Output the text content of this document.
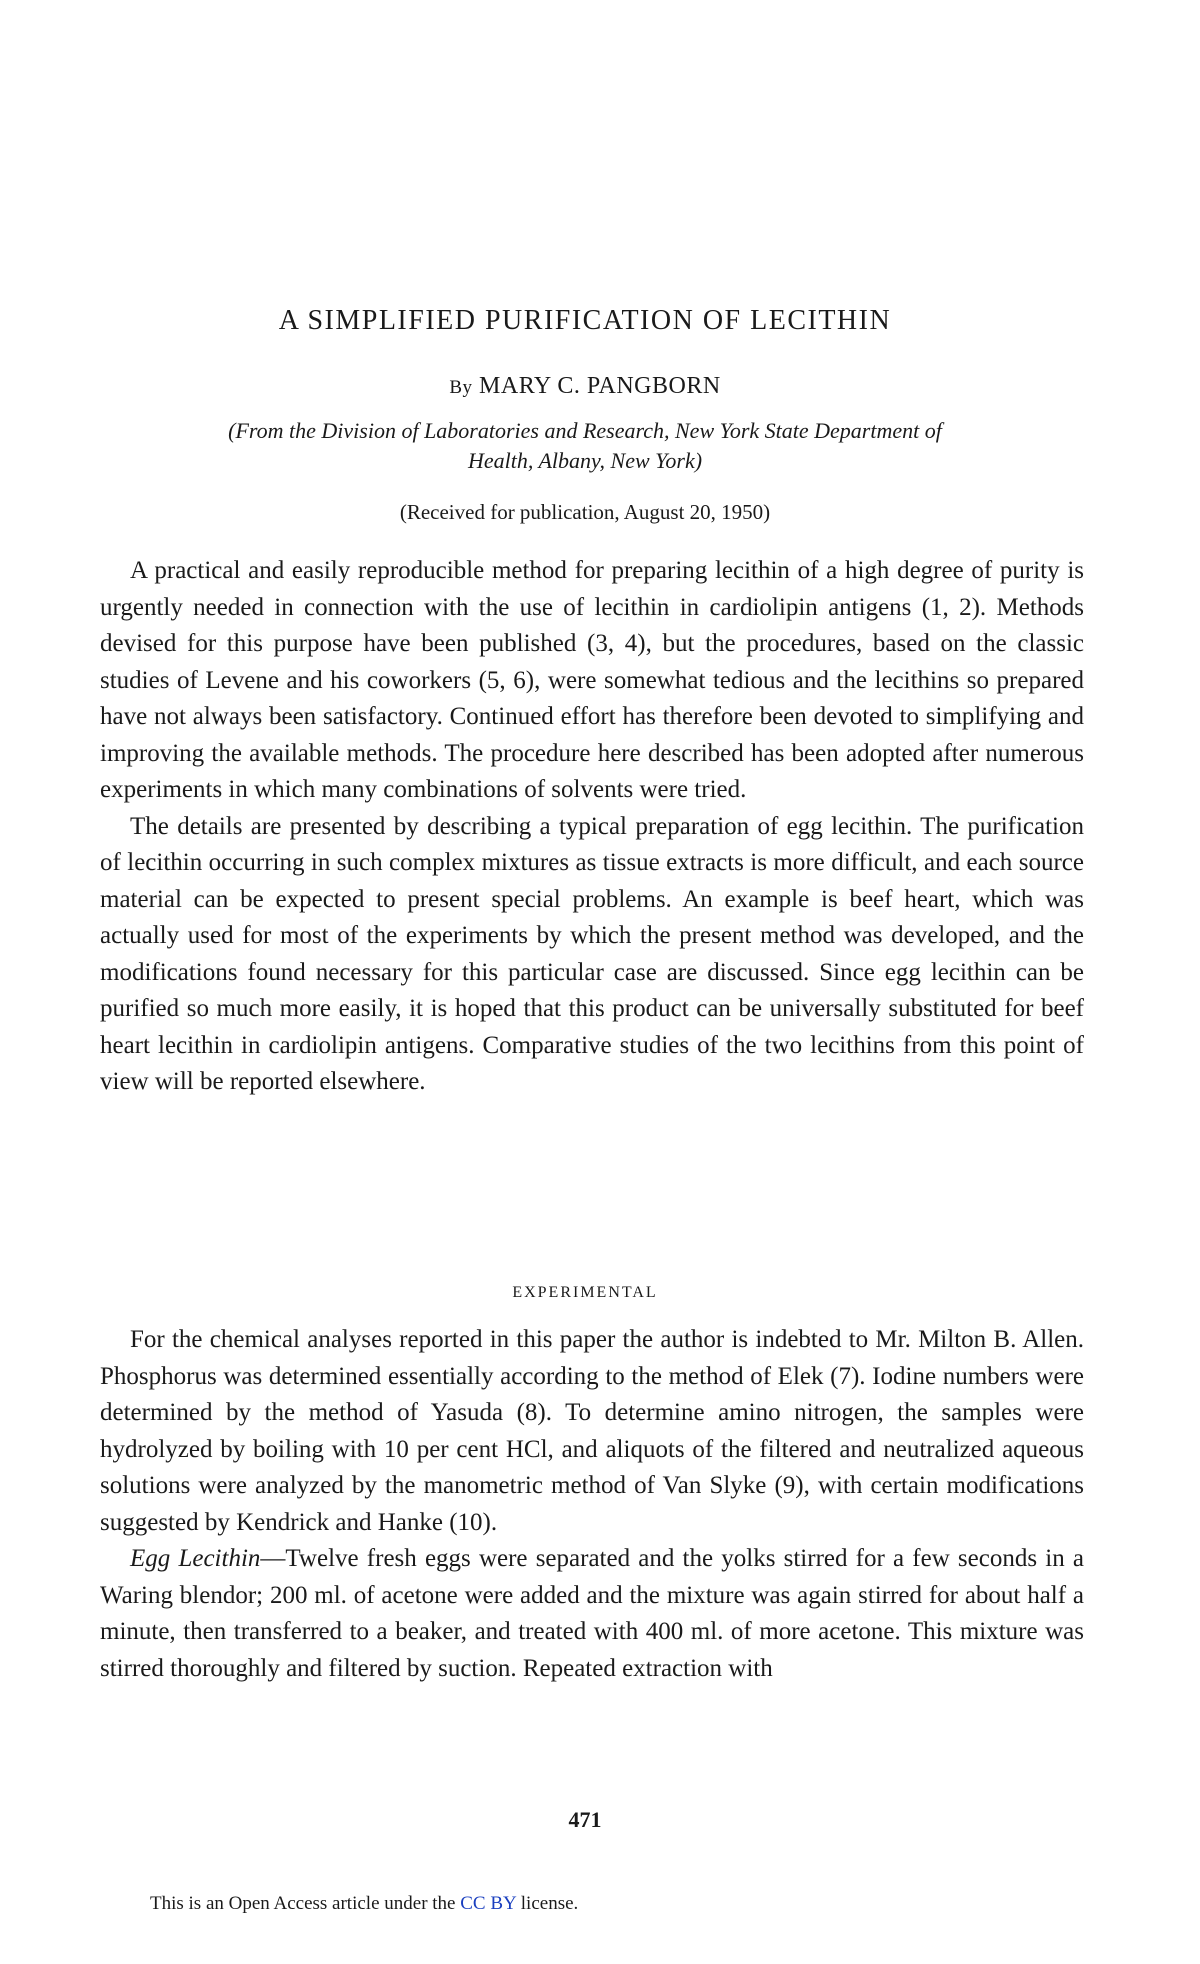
A SIMPLIFIED PURIFICATION OF LECITHIN
By MARY C. PANGBORN
(From the Division of Laboratories and Research, New York State Department of
Health, Albany, New York)
(Received for publication, August 20, 1950)

A practical and easily reproducible method for preparing lecithin of a high degree of purity is urgently needed in connection with the use of lecithin in cardiolipin antigens (1, 2). Methods devised for this purpose have been published (3, 4), but the procedures, based on the classic studies of Levene and his coworkers (5, 6), were somewhat tedious and the lecithins so prepared have not always been satisfactory. Continued effort has therefore been devoted to simplifying and improving the available methods. The procedure here described has been adopted after numerous experiments in which many combinations of solvents were tried.

The details are presented by describing a typical preparation of egg lecithin. The purification of lecithin occurring in such complex mixtures as tissue extracts is more difficult, and each source material can be expected to present special problems. An example is beef heart, which was actually used for most of the experiments by which the present method was developed, and the modifications found necessary for this particular case are discussed. Since egg lecithin can be purified so much more easily, it is hoped that this product can be universally substituted for beef heart lecithin in cardiolipin antigens. Comparative studies of the two lecithins from this point of view will be reported elsewhere.

EXPERIMENTAL

For the chemical analyses reported in this paper the author is indebted to Mr. Milton B. Allen. Phosphorus was determined essentially according to the method of Elek (7). Iodine numbers were determined by the method of Yasuda (8). To determine amino nitrogen, the samples were hydrolyzed by boiling with 10 per cent HCl, and aliquots of the filtered and neutralized aqueous solutions were analyzed by the manometric method of Van Slyke (9), with certain modifications suggested by Kendrick and Hanke (10).

Egg Lecithin—Twelve fresh eggs were separated and the yolks stirred for a few seconds in a Waring blendor; 200 ml. of acetone were added and the mixture was again stirred for about half a minute, then transferred to a beaker, and treated with 400 ml. of more acetone. This mixture was stirred thoroughly and filtered by suction. Repeated extraction with

471
This is an Open Access article under the CC BY license.
